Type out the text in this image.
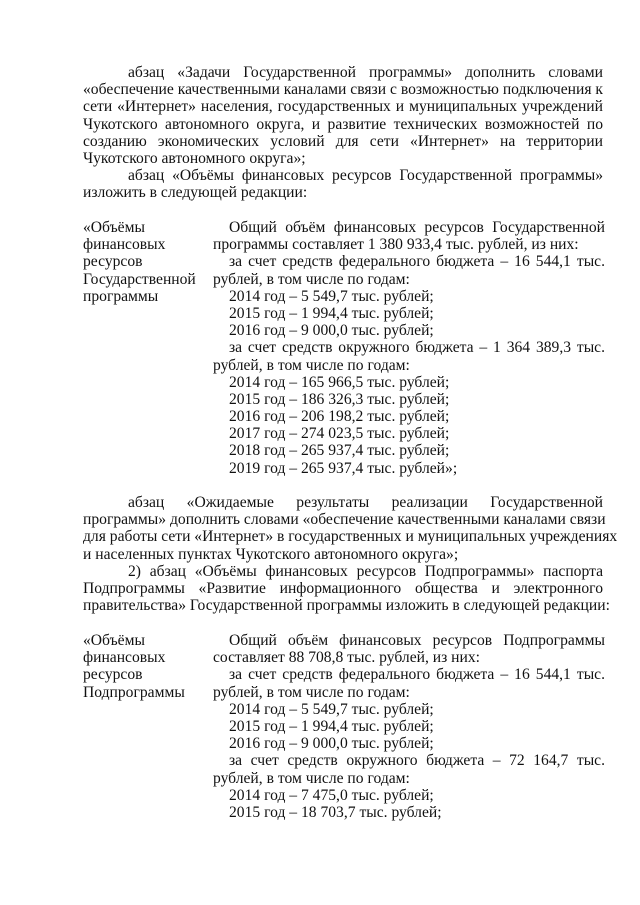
абзац «Задачи Государственной программы» дополнить словами
«обеспечение качественными каналами связи с возможностью подключения к
сети «Интернет» населения, государственных и муниципальных учреждений
Чукотского автономного округа, и развитие технических возможностей по
созданию экономических условий для сети «Интернет» на территории
Чукотского автономного округа»;
абзац «Объёмы финансовых ресурсов Государственной программы»
изложить в следующей редакции:
«Объёмы
финансовых
ресурсов
Государственной
программы
Общий объём финансовых ресурсов Государственной
программы составляет 1 380 933,4 тыс. рублей, из них:
за счет средств федерального бюджета – 16 544,1 тыс.
рублей, в том числе по годам:
2014 год – 5 549,7 тыс. рублей;
2015 год – 1 994,4 тыс. рублей;
2016 год – 9 000,0 тыс. рублей;
за счет средств окружного бюджета – 1 364 389,3 тыс.
рублей, в том числе по годам:
2014 год – 165 966,5 тыс. рублей;
2015 год – 186 326,3 тыс. рублей;
2016 год – 206 198,2 тыс. рублей;
2017 год – 274 023,5 тыс. рублей;
2018 год – 265 937,4 тыс. рублей;
2019 год – 265 937,4 тыс. рублей»;
абзац «Ожидаемые результаты реализации Государственной
программы» дополнить словами «обеспечение качественными каналами связи
для работы сети «Интернет» в государственных и муниципальных учреждениях
и населенных пунктах Чукотского автономного округа»;
2) абзац «Объёмы финансовых ресурсов Подпрограммы» паспорта
Подпрограммы «Развитие информационного общества и электронного
правительства» Государственной программы изложить в следующей редакции:
«Объёмы
финансовых
ресурсов
Подпрограммы
Общий объём финансовых ресурсов Подпрограммы
составляет 88 708,8 тыс. рублей, из них:
за счет средств федерального бюджета – 16 544,1 тыс.
рублей, в том числе по годам:
2014 год – 5 549,7 тыс. рублей;
2015 год – 1 994,4 тыс. рублей;
2016 год – 9 000,0 тыс. рублей;
за счет средств окружного бюджета – 72 164,7 тыс.
рублей, в том числе по годам:
2014 год – 7 475,0 тыс. рублей;
2015 год – 18 703,7 тыс. рублей;
